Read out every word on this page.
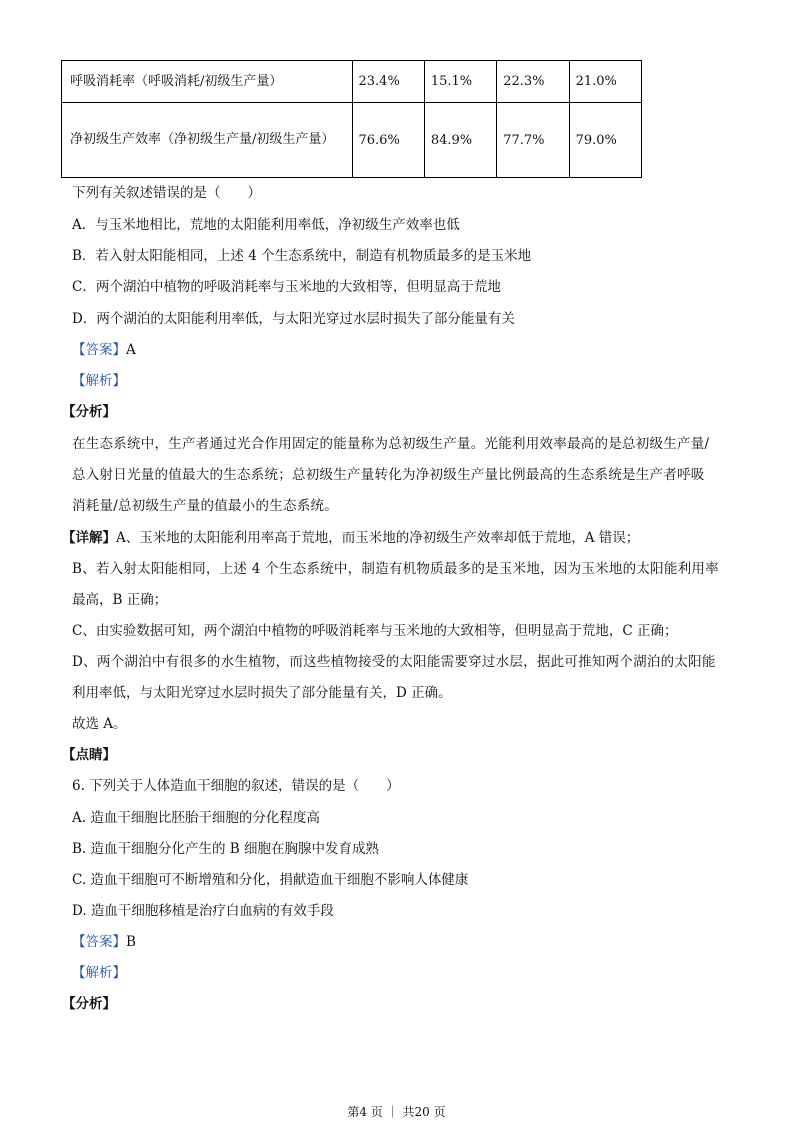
呼吸消耗率（呼吸消耗/初级生产量）	23.4%	15.1%	22.3%	21.0%
净初级生产效率（净初级生产量/初级生产量）	76.6%	84.9%	77.7%	79.0%
下列有关叙述错误的是（　　）
A．与玉米地相比，荒地的太阳能利用率低，净初级生产效率也低
B．若入射太阳能相同，上述 4 个生态系统中，制造有机物质最多的是玉米地
C．两个湖泊中植物的呼吸消耗率与玉米地的大致相等，但明显高于荒地
D．两个湖泊的太阳能利用率低，与太阳光穿过水层时损失了部分能量有关
【答案】A
【解析】
【分析】
在生态系统中，生产者通过光合作用固定的能量称为总初级生产量。光能利用效率最高的是总初级生产量/
总入射日光量的值最大的生态系统；总初级生产量转化为净初级生产量比例最高的生态系统是生产者呼吸
消耗量/总初级生产量的值最小的生态系统。
【详解】A、玉米地的太阳能利用率高于荒地，而玉米地的净初级生产效率却低于荒地，A 错误；
B、若入射太阳能相同，上述 4 个生态系统中，制造有机物质最多的是玉米地，因为玉米地的太阳能利用率
最高，B 正确；
C、由实验数据可知，两个湖泊中植物的呼吸消耗率与玉米地的大致相等，但明显高于荒地，C 正确；
D、两个湖泊中有很多的水生植物，而这些植物接受的太阳能需要穿过水层，据此可推知两个湖泊的太阳能
利用率低，与太阳光穿过水层时损失了部分能量有关，D 正确。
故选 A。
【点睛】
6. 下列关于人体造血干细胞的叙述，错误的是（　　）
A. 造血干细胞比胚胎干细胞的分化程度高
B. 造血干细胞分化产生的 B 细胞在胸腺中发育成熟
C. 造血干细胞可不断增殖和分化，捐献造血干细胞不影响人体健康
D. 造血干细胞移植是治疗白血病的有效手段
【答案】B
【解析】
【分析】
第4 页 ｜ 共20 页
